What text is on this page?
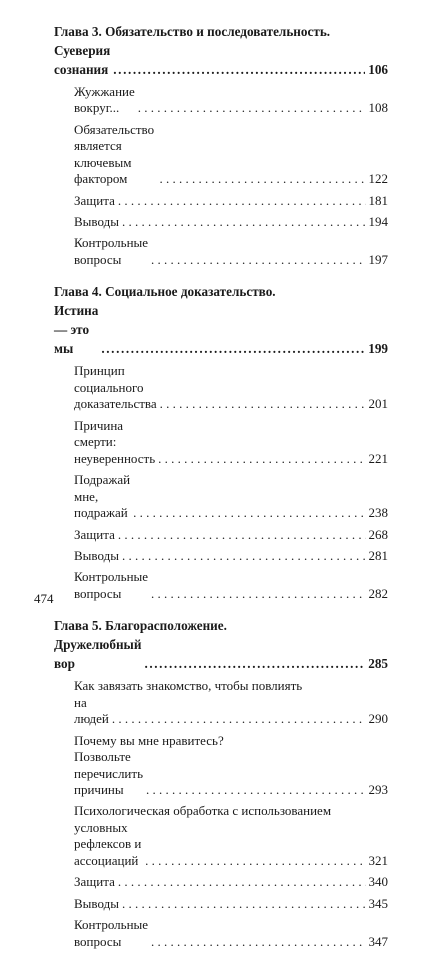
Глава 3. Обязательство и последовательность.
Суеверия сознания .....	106
Жужжание вокруг... . . .	108
Обязательство является ключевым фактором . . .	122
Защита . . .	181
Выводы . . .	194
Контрольные вопросы . . .	197
Глава 4. Социальное доказательство.
Истина — это мы .....	199
Принцип социального доказательства . . .	201
Причина смерти: неуверенность . . .	221
Подражай мне, подражай . . .	238
Защита . . .	268
Выводы . . .	281
Контрольные вопросы . . .	282
Глава 5. Благорасположение.
Дружелюбный вор .....	285
Как завязать знакомство, чтобы повлиять
на людей . . .	290
Почему вы мне нравитесь?
Позвольте перечислить причины . . .	293
Психологическая обработка с использованием
условных рефлексов и ассоциаций . . .	321
Защита . . .	340
Выводы . . .	345
Контрольные вопросы . . .	347
474
